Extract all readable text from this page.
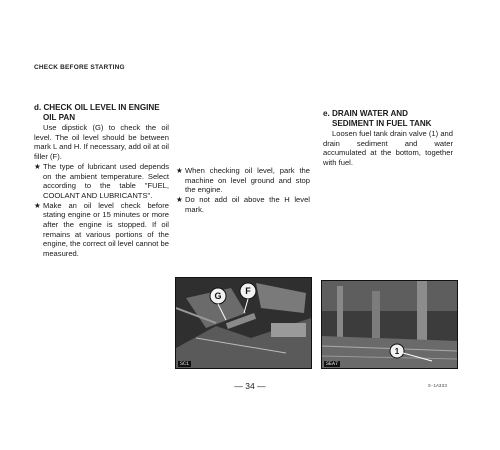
CHECK BEFORE STARTING
d. CHECK OIL LEVEL IN ENGINE
OIL PAN
Use dipstick (G) to check the oil level. The oil level should be between mark L and H. If necessary, add oil at oil filler (F).
★ The type of lubricant used depends on the ambient temperature. Select according to the table "FUEL, COOLANT AND LUBRICANTS".
★ Make an oil level check before stating engine or 15 minutes or more after the engine is stopped. If oil remains at various portions of the engine, the correct oil level cannot be measured.
★ When checking oil level, park the machine on level ground and stop the engine.
★ Do not add oil above the H level mark.
e. DRAIN WATER AND
SEDIMENT IN FUEL TANK
Loosen fuel tank drain valve (1) and drain sediment and water accumulated at the bottom, together with fuel.
G	F
SC1
1
SEA7
— 34 —	S-1A333
